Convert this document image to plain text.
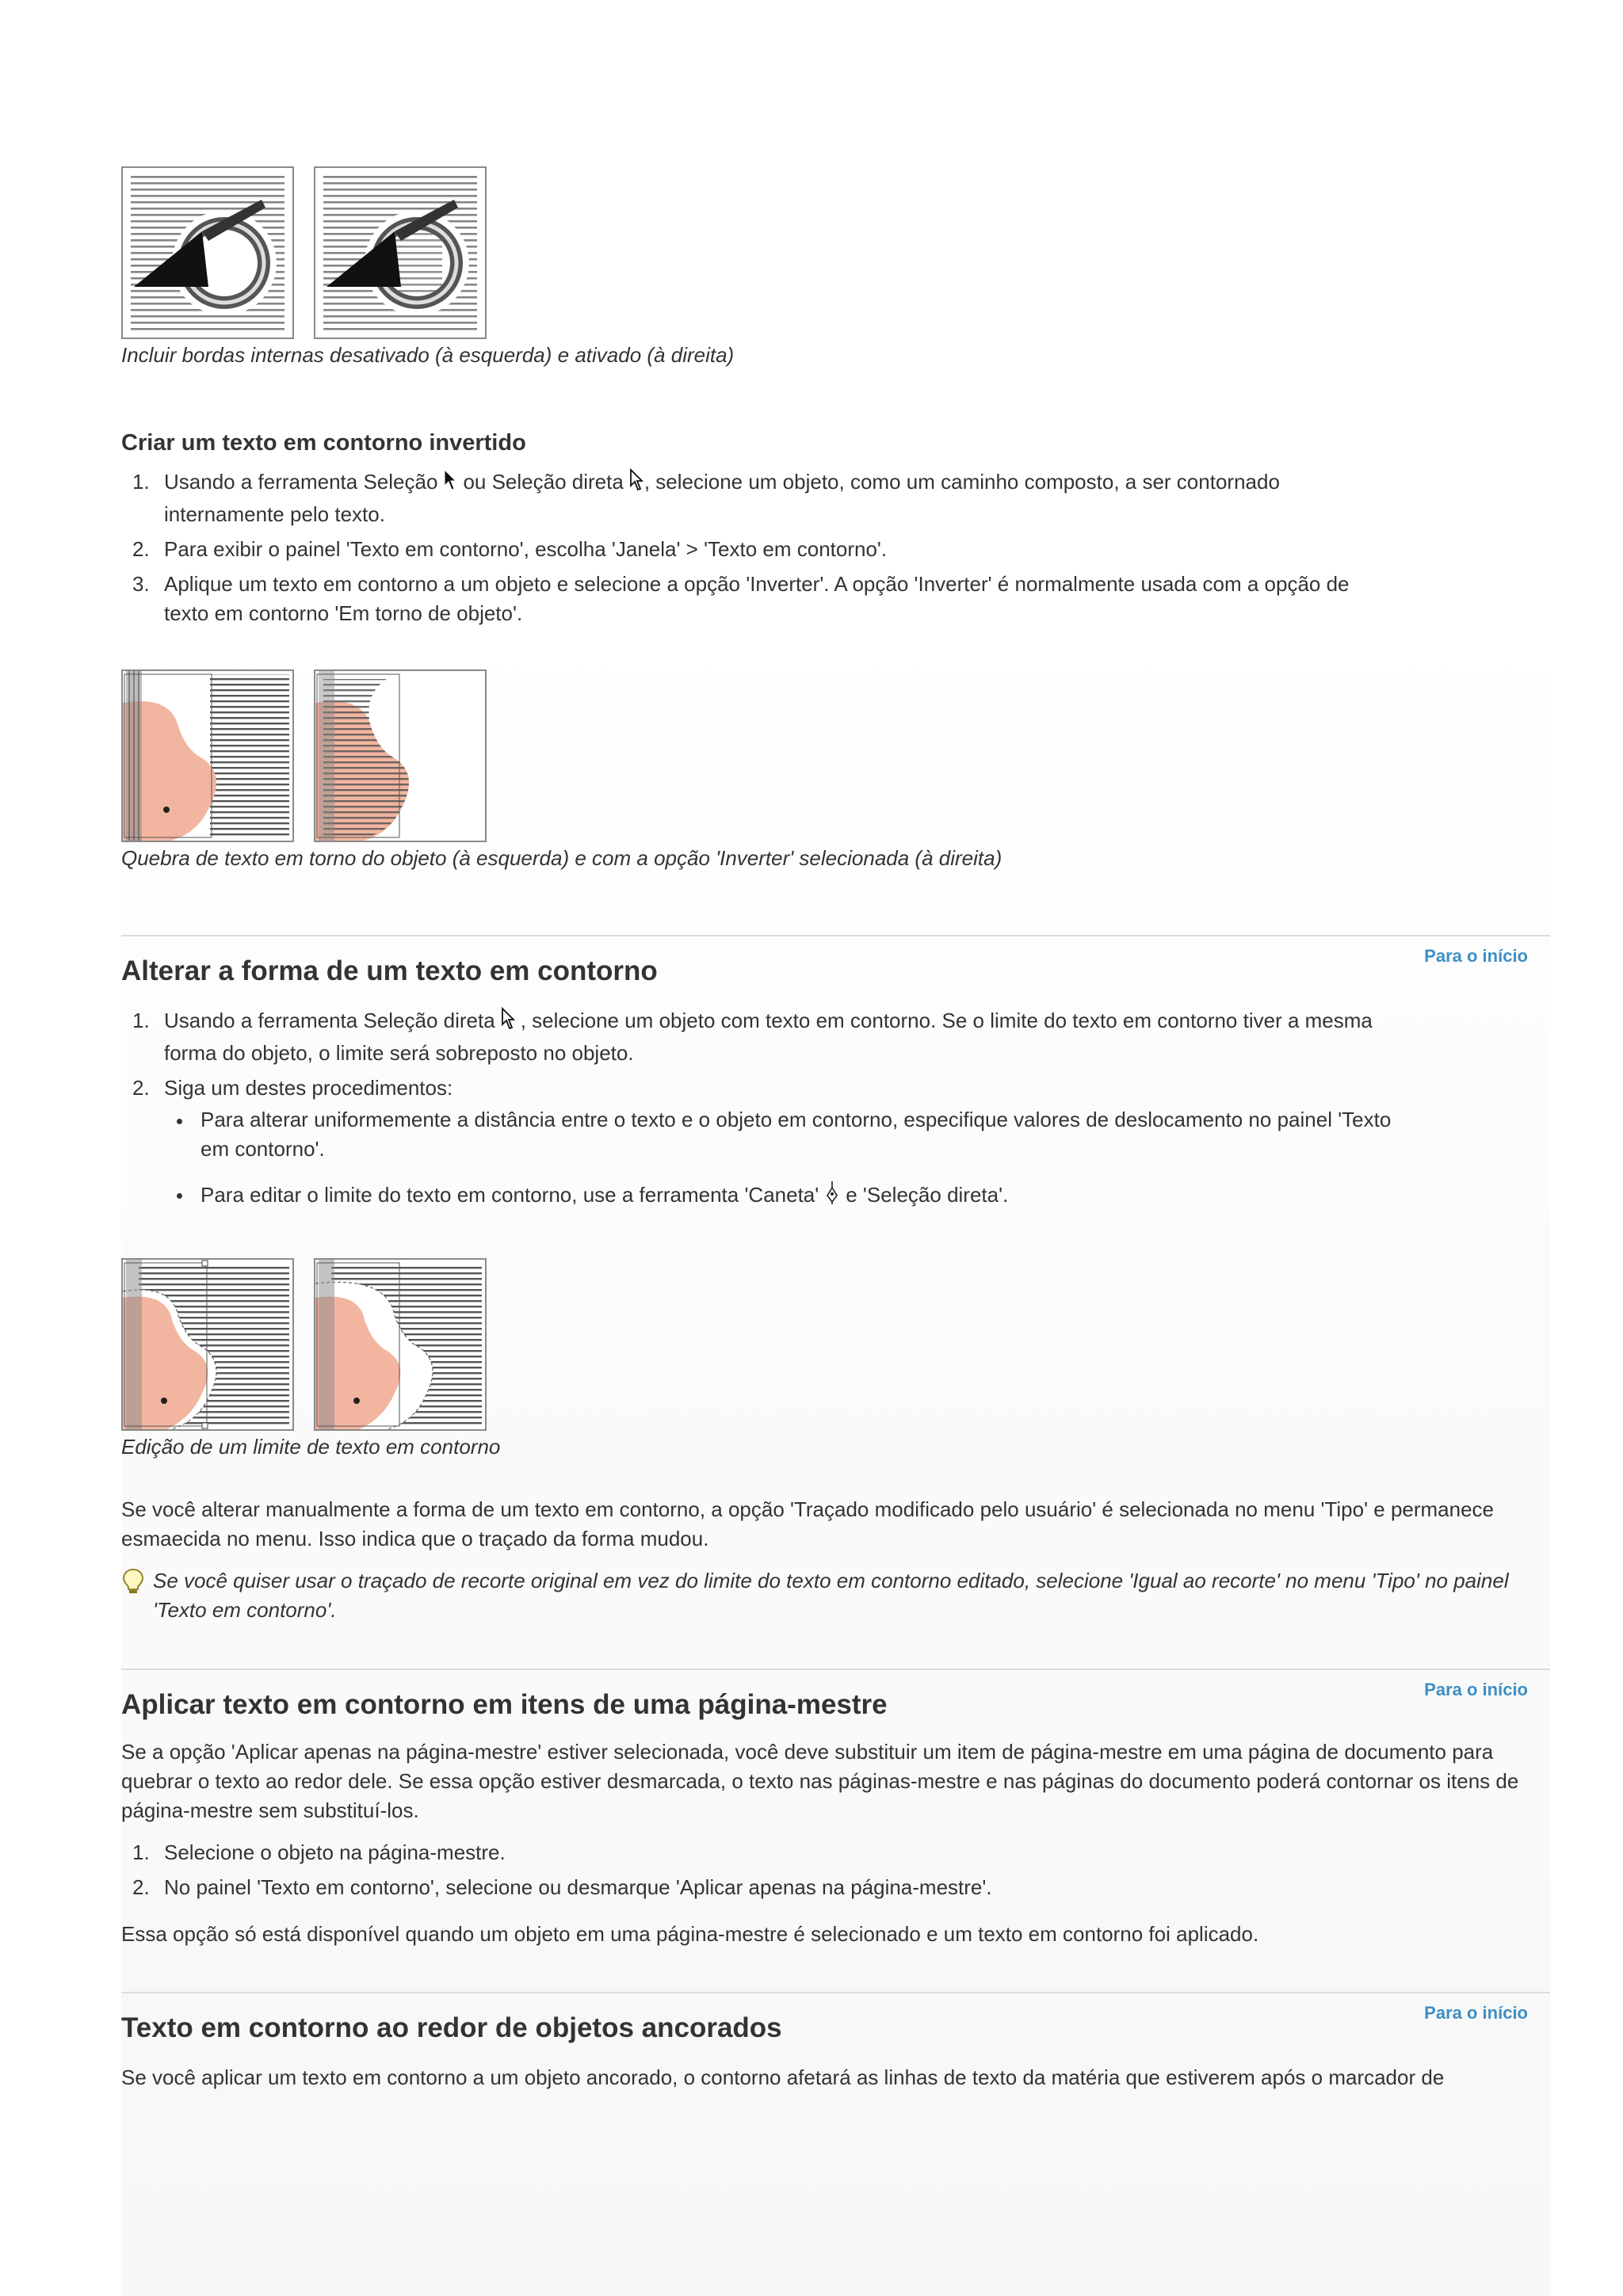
Incluir bordas internas desativado (à esquerda) e ativado (à direita)

Criar um texto em contorno invertido
1. Usando a ferramenta Seleção ou Seleção direta , selecione um objeto, como um caminho composto, a ser contornado internamente pelo texto.
2. Para exibir o painel 'Texto em contorno', escolha 'Janela' > 'Texto em contorno'.
3. Aplique um texto em contorno a um objeto e selecione a opção 'Inverter'. A opção 'Inverter' é normalmente usada com a opção de texto em contorno 'Em torno de objeto'.

Quebra de texto em torno do objeto (à esquerda) e com a opção 'Inverter' selecionada (à direita)

Para o início
Alterar a forma de um texto em contorno
1. Usando a ferramenta Seleção direta , selecione um objeto com texto em contorno. Se o limite do texto em contorno tiver a mesma forma do objeto, o limite será sobreposto no objeto.
2. Siga um destes procedimentos:
Para alterar uniformemente a distância entre o texto e o objeto em contorno, especifique valores de deslocamento no painel 'Texto em contorno'.
Para editar o limite do texto em contorno, use a ferramenta 'Caneta' e 'Seleção direta'.

Edição de um limite de texto em contorno

Se você alterar manualmente a forma de um texto em contorno, a opção 'Traçado modificado pelo usuário' é selecionada no menu 'Tipo' e permanece esmaecida no menu. Isso indica que o traçado da forma mudou.

Se você quiser usar o traçado de recorte original em vez do limite do texto em contorno editado, selecione 'Igual ao recorte' no menu 'Tipo' no painel 'Texto em contorno'.

Para o início
Aplicar texto em contorno em itens de uma página-mestre

Se a opção 'Aplicar apenas na página-mestre' estiver selecionada, você deve substituir um item de página-mestre em uma página de documento para quebrar o texto ao redor dele. Se essa opção estiver desmarcada, o texto nas páginas-mestre e nas páginas do documento poderá contornar os itens de página-mestre sem substituí-los.

1. Selecione o objeto na página-mestre.
2. No painel 'Texto em contorno', selecione ou desmarque 'Aplicar apenas na página-mestre'.

Essa opção só está disponível quando um objeto em uma página-mestre é selecionado e um texto em contorno foi aplicado.

Para o início
Texto em contorno ao redor de objetos ancorados

Se você aplicar um texto em contorno a um objeto ancorado, o contorno afetará as linhas de texto da matéria que estiverem após o marcador de
